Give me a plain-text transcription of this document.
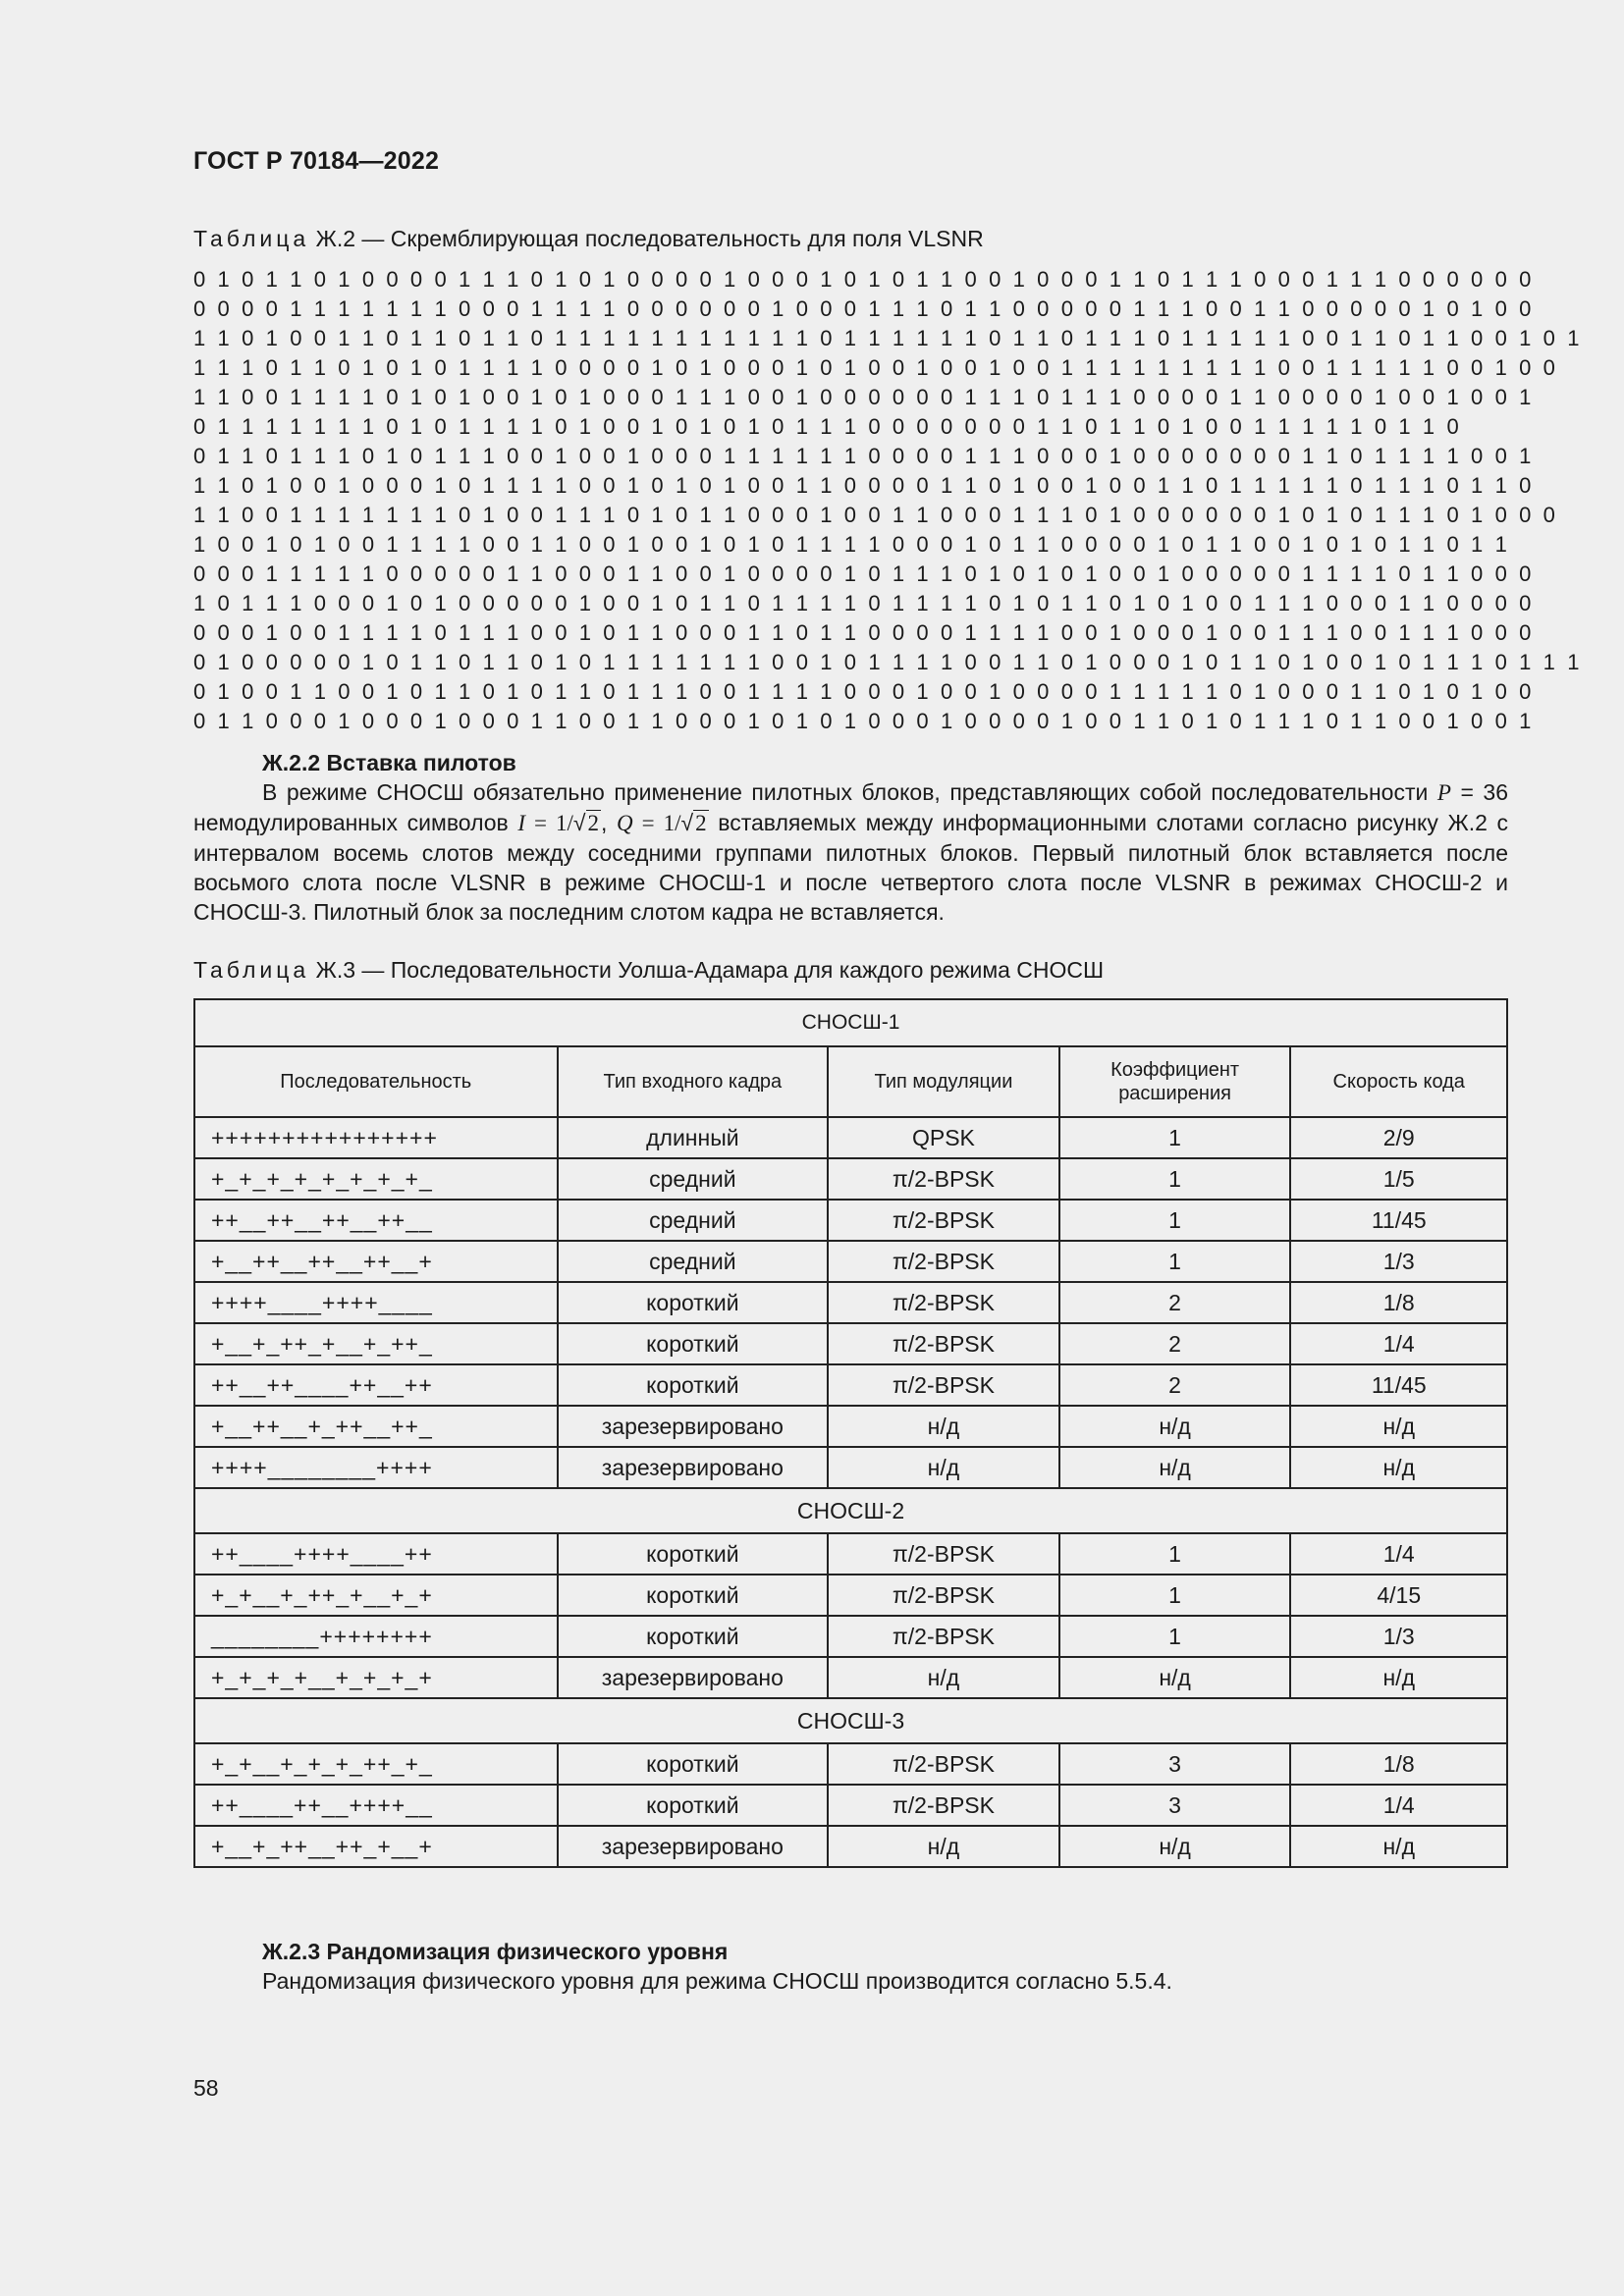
ГОСТ Р 70184—2022
Таблица Ж.2 — Скремблирующая последовательность для поля VLSNR
0 1 0 1 1 0 1 0 0 0 0 1 1 1 0 1 0 1 0 0 0 0 1 0 0 0 1 0 1 0 1 1 0 0 1 0 0 0 1 1 0 1 1 1 0 0 0 1 1 1 0 0 0 0 0 0
0 0 0 0 1 1 1 1 1 1 1 0 0 0 1 1 1 1 0 0 0 0 0 0 1 0 0 0 1 1 1 0 1 1 0 0 0 0 0 1 1 1 0 0 1 1 0 0 0 0 0 1 0 1 0 0
1 1 0 1 0 0 1 1 0 1 1 0 1 1 0 1 1 1 1 1 1 1 1 1 1 1 0 1 1 1 1 1 1 0 1 1 0 1 1 1 0 1 1 1 1 1 0 0 1 1 0 1 1 0 0 1 0 1
1 1 1 0 1 1 0 1 0 1 0 1 1 1 1 0 0 0 0 1 0 1 0 0 0 1 0 1 0 0 1 0 0 1 0 0 1 1 1 1 1 1 1 1 1 0 0 1 1 1 1 1 0 0 1 0 0
1 1 0 0 1 1 1 1 0 1 0 1 0 0 1 0 1 0 0 0 1 1 1 0 0 1 0 0 0 0 0 0 1 1 1 0 1 1 1 0 0 0 0 1 1 0 0 0 0 1 0 0 1 0 0 1
0 1 1 1 1 1 1 1 0 1 0 1 1 1 1 0 1 0 0 1 0 1 0 1 0 1 1 1 0 0 0 0 0 0 0 1 1 0 1 1 0 1 0 0 1 1 1 1 1 0 1 1 0
0 1 1 0 1 1 1 0 1 0 1 1 1 0 0 1 0 0 1 0 0 0 1 1 1 1 1 1 0 0 0 0 1 1 1 0 0 0 1 0 0 0 0 0 0 0 1 1 0 1 1 1 1 0 0 1
1 1 0 1 0 0 1 0 0 0 1 0 1 1 1 1 0 0 1 0 1 0 1 0 0 1 1 0 0 0 0 1 1 0 1 0 0 1 0 0 1 1 0 1 1 1 1 1 0 1 1 1 0 1 1 0
1 1 0 0 1 1 1 1 1 1 1 0 1 0 0 1 1 1 0 1 0 1 1 0 0 0 1 0 0 1 1 0 0 0 1 1 1 0 1 0 0 0 0 0 0 1 0 1 0 1 1 1 0 1 0 0 0
1 0 0 1 0 1 0 0 1 1 1 1 0 0 1 1 0 0 1 0 0 1 0 1 0 1 1 1 1 0 0 0 1 0 1 1 0 0 0 0 1 0 1 1 0 0 1 0 1 0 1 1 0 1 1
0 0 0 1 1 1 1 1 0 0 0 0 0 1 1 0 0 0 1 1 0 0 1 0 0 0 0 1 0 1 1 1 0 1 0 1 0 1 0 0 1 0 0 0 0 0 1 1 1 1 0 1 1 0 0 0
1 0 1 1 1 0 0 0 1 0 1 0 0 0 0 0 1 0 0 1 0 1 1 0 1 1 1 1 0 1 1 1 1 0 1 0 1 1 0 1 0 1 0 0 1 1 1 0 0 0 1 1 0 0 0 0
0 0 0 1 0 0 1 1 1 1 0 1 1 1 0 0 1 0 1 1 0 0 0 1 1 0 1 1 0 0 0 0 1 1 1 1 0 0 1 0 0 0 1 0 0 1 1 1 0 0 1 1 1 0 0 0
0 1 0 0 0 0 0 1 0 1 1 0 1 1 0 1 0 1 1 1 1 1 1 1 0 0 1 0 1 1 1 1 0 0 1 1 0 1 0 0 0 1 0 1 1 0 1 0 0 1 0 1 1 1 0 1 1 1
0 1 0 0 1 1 0 0 1 0 1 1 0 1 0 1 1 0 1 1 1 0 0 1 1 1 1 0 0 0 1 0 0 1 0 0 0 0 1 1 1 1 1 0 1 0 0 0 1 1 0 1 0 1 0 0
0 1 1 0 0 0 1 0 0 0 1 0 0 0 1 1 0 0 1 1 0 0 0 1 0 1 0 1 0 0 0 1 0 0 0 0 1 0 0 1 1 0 1 0 1 1 1 0 1 1 0 0 1 0 0 1
Ж.2.2 Вставка пилотов
В режиме СНОСШ обязательно применение пилотных блоков, представляющих собой последовательности P = 36 немодулированных символов I = 1/√2, Q = 1/√2 вставляемых между информационными слотами согласно рисунку Ж.2 с интервалом восемь слотов между соседними группами пилотных блоков. Первый пилотный блок вставляется после восьмого слота после VLSNR в режиме СНОСШ-1 и после четвертого слота после VLSNR в режимах СНОСШ-2 и СНОСШ-3. Пилотный блок за последним слотом кадра не вставляется.
Таблица Ж.3 — Последовательности Уолша-Адамара для каждого режима СНОСШ
СНОСШ-1				
Последовательность	Тип входного кадра	Тип модуляции	Коэффициент расширения	Скорость кода
++++++++++++++++	длинный	QPSK	1	2/9
+_+_+_+_+_+_+_+_	средний	π/2-BPSK	1	1/5
++__++__++__++__	средний	π/2-BPSK	1	11/45
+__++__++__++__+	средний	π/2-BPSK	1	1/3
++++____++++____	короткий	π/2-BPSK	2	1/8
+__+_++_+__+_++_	короткий	π/2-BPSK	2	1/4
++__++____++__++	короткий	π/2-BPSK	2	11/45
+__++__+_++__++_	зарезервировано	н/д	н/д	н/д
++++________++++	зарезервировано	н/д	н/д	н/д
СНОСШ-2				
++____++++____++	короткий	π/2-BPSK	1	1/4
+_+__+_++_+__+_+	короткий	π/2-BPSK	1	4/15
________++++++++	короткий	π/2-BPSK	1	1/3
+_+_+_+__+_+_+_+	зарезервировано	н/д	н/д	н/д
СНОСШ-3				
+_+__+_+_+_++_+_	короткий	π/2-BPSK	3	1/8
++____++__++++__	короткий	π/2-BPSK	3	1/4
+__+_++__++_+__+	зарезервировано	н/д	н/д	н/д
Ж.2.3 Рандомизация физического уровня
Рандомизация физического уровня для режима СНОСШ производится согласно 5.5.4.
58
